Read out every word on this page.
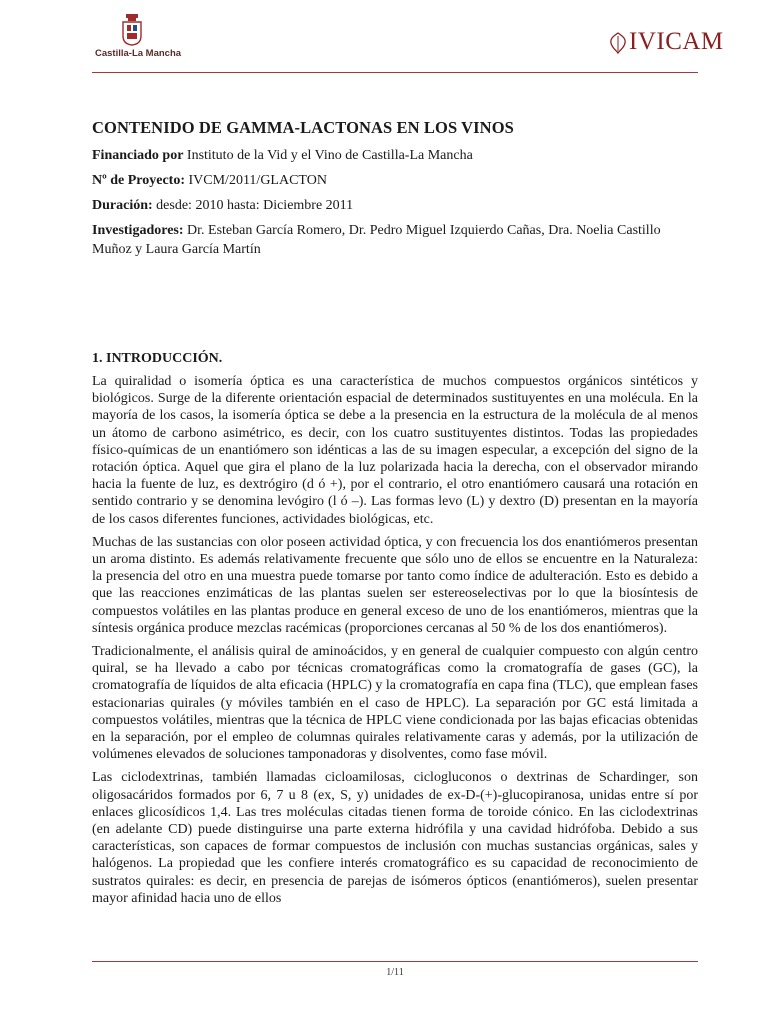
Castilla-La Mancha	IVICAM
CONTENIDO DE GAMMA-LACTONAS EN LOS VINOS

Financiado por Instituto de la Vid y el Vino de Castilla-La Mancha

Nº de Proyecto: IVCM/2011/GLACTON

Duración: desde: 2010 hasta: Diciembre 2011

Investigadores: Dr. Esteban García Romero, Dr. Pedro Miguel Izquierdo Cañas, Dra. Noelia Castillo Muñoz y Laura García Martín

1. INTRODUCCIÓN.

La quiralidad o isomería óptica es una característica de muchos compuestos orgánicos sintéticos y biológicos. Surge de la diferente orientación espacial de determinados sustituyentes en una molécula. En la mayoría de los casos, la isomería óptica se debe a la presencia en la estructura de la molécula de al menos un átomo de carbono asimétrico, es decir, con los cuatro sustituyentes distintos. Todas las propiedades físico-químicas de un enantiómero son idénticas a las de su imagen especular, a excepción del signo de la rotación óptica. Aquel que gira el plano de la luz polarizada hacia la derecha, con el observador mirando hacia la fuente de luz, es dextrógiro (d ó +), por el contrario, el otro enantiómero causará una rotación en sentido contrario y se denomina levógiro (l ó –). Las formas levo (L) y dextro (D) presentan en la mayoría de los casos diferentes funciones, actividades biológicas, etc.

Muchas de las sustancias con olor poseen actividad óptica, y con frecuencia los dos enantiómeros presentan un aroma distinto. Es además relativamente frecuente que sólo uno de ellos se encuentre en la Naturaleza: la presencia del otro en una muestra puede tomarse por tanto como índice de adulteración. Esto es debido a que las reacciones enzimáticas de las plantas suelen ser estereoselectivas por lo que la biosíntesis de compuestos volátiles en las plantas produce en general exceso de uno de los enantiómeros, mientras que la síntesis orgánica produce mezclas racémicas (proporciones cercanas al 50 % de los dos enantiómeros).

Tradicionalmente, el análisis quiral de aminoácidos, y en general de cualquier compuesto con algún centro quiral, se ha llevado a cabo por técnicas cromatográficas como la cromatografía de gases (GC), la cromatografía de líquidos de alta eficacia (HPLC) y la cromatografía en capa fina (TLC), que emplean fases estacionarias quirales (y móviles también en el caso de HPLC). La separación por GC está limitada a compuestos volátiles, mientras que la técnica de HPLC viene condicionada por las bajas eficacias obtenidas en la separación, por el empleo de columnas quirales relativamente caras y además, por la utilización de volúmenes elevados de soluciones tamponadoras y disolventes, como fase móvil.

Las ciclodextrinas, también llamadas cicloamilosas, ciclogluconos o dextrinas de Schardinger, son oligosacáridos formados por 6, 7 u 8 (ex, S, y) unidades de ex-D-(+)-glucopiranosa, unidas entre sí por enlaces glicosídicos 1,4. Las tres moléculas citadas tienen forma de toroide cónico. En las ciclodextrinas (en adelante CD) puede distinguirse una parte externa hidrófila y una cavidad hidrófoba. Debido a sus características, son capaces de formar compuestos de inclusión con muchas sustancias orgánicas, sales y halógenos. La propiedad que les confiere interés cromatográfico es su capacidad de reconocimiento de sustratos quirales: es decir, en presencia de parejas de isómeros ópticos (enantiómeros), suelen presentar mayor afinidad hacia uno de ellos

1/11
